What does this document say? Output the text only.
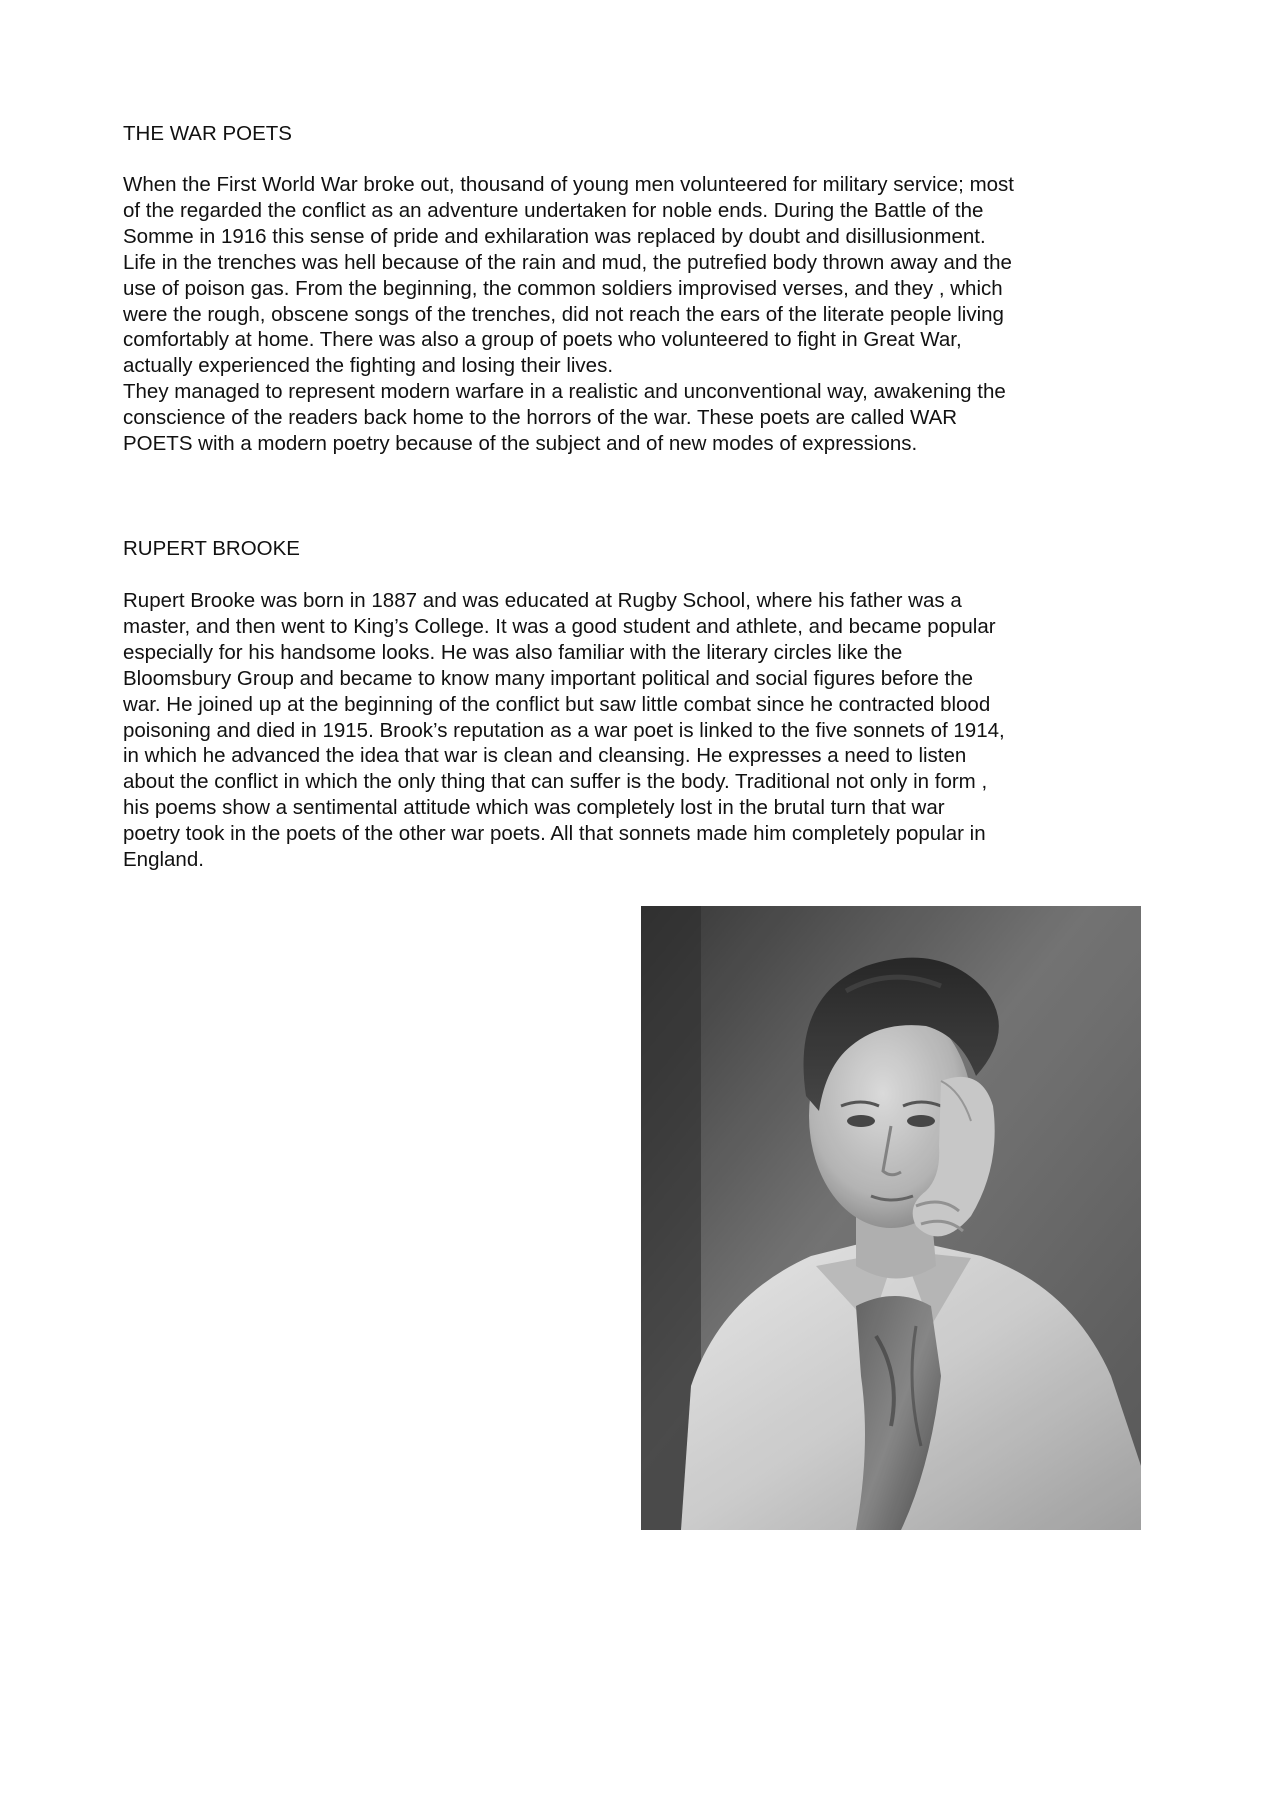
THE WAR POETS
When the First World War broke out, thousand of young men volunteered for military service; most
of the regarded the conflict as an adventure undertaken for noble ends. During the Battle of the
Somme in 1916 this sense of pride and exhilaration was replaced by doubt and disillusionment.
Life in the trenches was hell because of the rain and mud, the putrefied body thrown away and the
use of poison gas. From the beginning, the common soldiers improvised verses, and they , which
were the rough, obscene songs of the trenches, did not reach the ears of the literate people living
comfortably at home. There was also a group of poets who volunteered to fight in Great War,
actually experienced the fighting and losing their lives.
They managed to represent modern warfare in a realistic and unconventional way, awakening the
conscience of the readers back home to the horrors of the war. These poets are called WAR
POETS with a modern poetry because of the subject and of new modes of expressions.
RUPERT BROOKE
Rupert Brooke was born in 1887 and was educated at Rugby School, where his father was a
master, and then went to King’s College. It was a good student and athlete, and became popular
especially for his handsome looks. He was also familiar with the literary circles like the
Bloomsbury Group and became to know many important political and social figures before the
war. He joined up at the beginning of the conflict but saw little combat since he contracted blood
poisoning and died in 1915. Brook’s reputation as a war poet is linked to the five sonnets of 1914,
in which he advanced the idea that war is clean and cleansing. He expresses a need to listen
about the conflict in which the only thing that can suffer is the body. Traditional not only in form ,
his poems show a sentimental attitude which was completely lost in the brutal turn that war
poetry took in the poets of the other war poets. All that sonnets made him completely popular in
England.
